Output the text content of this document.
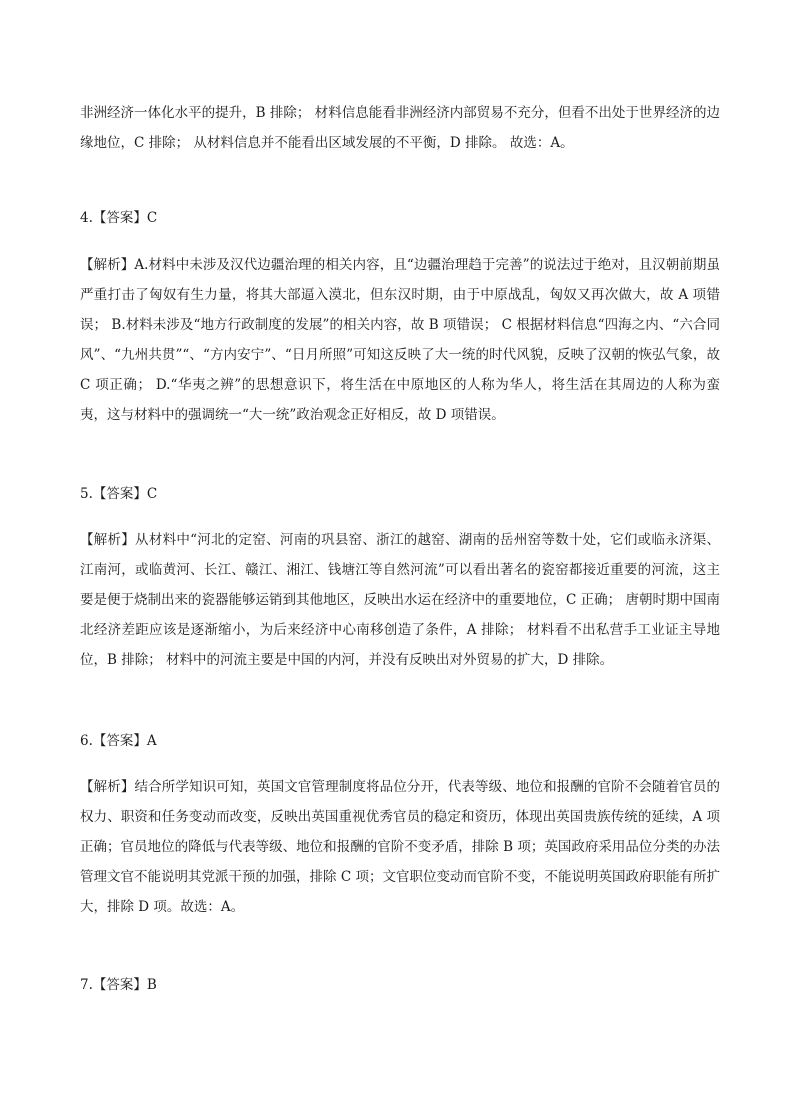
非洲经济一体化水平的提升，B 排除； 材料信息能看非洲经济内部贸易不充分，但看不出处于世界经济的边缘地位，C 排除； 从材料信息并不能看出区域发展的不平衡，D 排除。 故选：A。

4.【答案】C

【解析】A.材料中未涉及汉代边疆治理的相关内容，且“边疆治理趋于完善”的说法过于绝对，且汉朝前期虽严重打击了匈奴有生力量，将其大部逼入漠北，但东汉时期，由于中原战乱，匈奴又再次做大，故 A 项错误； B.材料未涉及“地方行政制度的发展”的相关内容，故 B 项错误； C 根据材料信息“四海之内、“六合同风”、“九州共贯”“、“方内安宁”、“日月所照”可知这反映了大一统的时代风貌，反映了汉朝的恢弘气象，故 C 项正确； D.“华夷之辨”的思想意识下，将生活在中原地区的人称为华人，将生活在其周边的人称为蛮夷，这与材料中的强调统一“大一统”政治观念正好相反，故 D 项错误。

5.【答案】C

【解析】从材料中“河北的定窑、河南的巩县窑、浙江的越窑、湖南的岳州窑等数十处，它们或临永济渠、江南河，或临黄河、长江、赣江、湘江、钱塘江等自然河流”可以看出著名的瓷窑都接近重要的河流，这主要是便于烧制出来的瓷器能够运销到其他地区，反映出水运在经济中的重要地位，C 正确； 唐朝时期中国南北经济差距应该是逐渐缩小，为后来经济中心南移创造了条件，A 排除； 材料看不出私营手工业证主导地位，B 排除； 材料中的河流主要是中国的内河，并没有反映出对外贸易的扩大，D 排除。

6.【答案】A

【解析】结合所学知识可知，英国文官管理制度将品位分开，代表等级、地位和报酬的官阶不会随着官员的权力、职资和任务变动而改变，反映出英国重视优秀官员的稳定和资历，体现出英国贵族传统的延续，A 项正确；官员地位的降低与代表等级、地位和报酬的官阶不变矛盾，排除 B 项；英国政府采用品位分类的办法管理文官不能说明其党派干预的加强，排除 C 项；文官职位变动而官阶不变，不能说明英国政府职能有所扩大，排除 D 项。故选：A。

7.【答案】B
